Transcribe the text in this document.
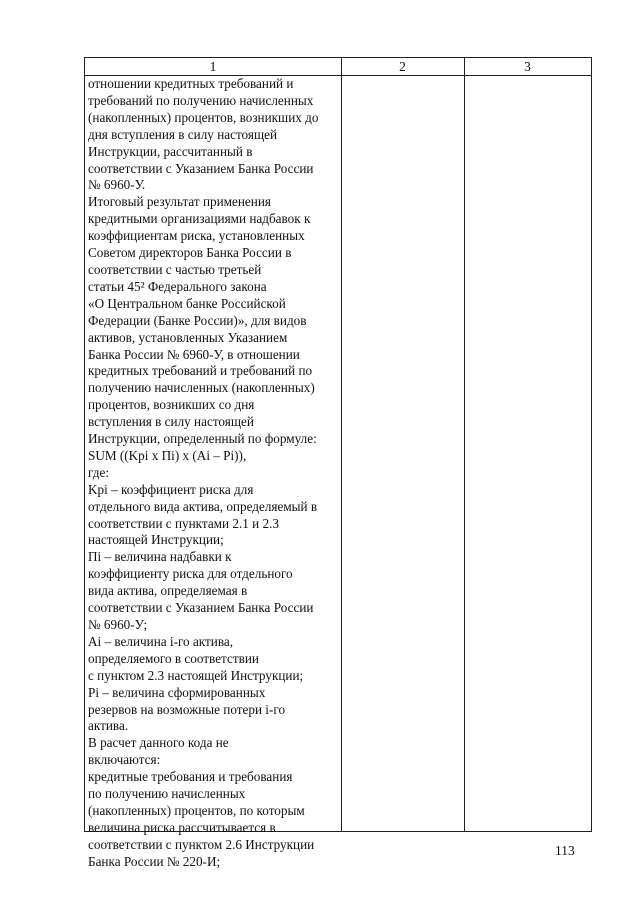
1	2	3

отношении кредитных требований и

требований по получению начисленных

(накопленных) процентов, возникших до

дня вступления в силу настоящей

Инструкции, рассчитанный в

соответствии с Указанием Банка России

№ 6960-У.

Итоговый результат применения

кредитными организациями надбавок к

коэффициентам риска, установленных

Советом директоров Банка России в

соответствии с частью третьей

статьи 45² Федерального закона

«О Центральном банке Российской

Федерации (Банке России)», для видов

активов, установленных Указанием

Банка России № 6960-У, в отношении

кредитных требований и требований по

получению начисленных (накопленных)

процентов, возникших со дня

вступления в силу настоящей

Инструкции, определенный по формуле:

SUM ((Kpi x Пi) x (Ai – Pi)),

где:

Kpi – коэффициент риска для

отдельного вида актива, определяемый в

соответствии с пунктами 2.1 и 2.3

настоящей Инструкции;

Пi – величина надбавки к

коэффициенту риска для отдельного

вида актива, определяемая в

соответствии с Указанием Банка России

№ 6960-У;

Ai – величина i-го актива,

определяемого в соответствии

с пунктом 2.3 настоящей Инструкции;

Pi – величина сформированных

резервов на возможные потери i-го

актива.

В расчет данного кода не

включаются:

кредитные требования и требования

по получению начисленных

(накопленных) процентов, по которым

величина риска рассчитывается в

соответствии с пунктом 2.6 Инструкции

Банка России № 220-И;

113
